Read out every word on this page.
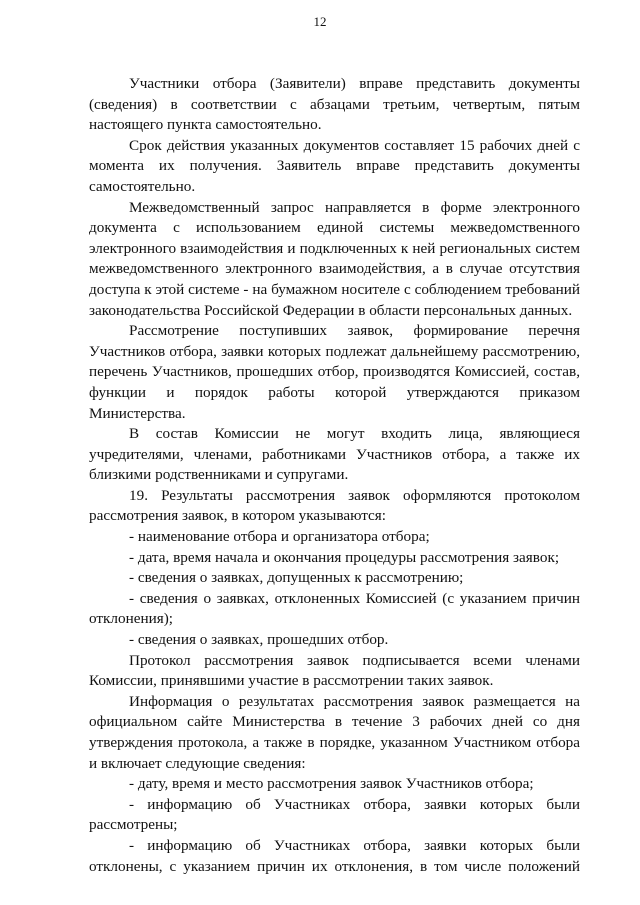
12

Участники отбора (Заявители) вправе представить документы (сведения) в соответствии с абзацами третьим, четвертым, пятым настоящего пункта самостоятельно.

Срок действия указанных документов составляет 15 рабочих дней с момента их получения. Заявитель вправе представить документы самостоятельно.

Межведомственный запрос направляется в форме электронного документа с использованием единой системы межведомственного электронного взаимодействия и подключенных к ней региональных систем межведомственного электронного взаимодействия, а в случае отсутствия доступа к этой системе - на бумажном носителе с соблюдением требований законодательства Российской Федерации в области персональных данных.

Рассмотрение поступивших заявок, формирование перечня Участников отбора, заявки которых подлежат дальнейшему рассмотрению, перечень Участников, прошедших отбор, производятся Комиссией, состав, функции и порядок работы которой утверждаются приказом Министерства.

В состав Комиссии не могут входить лица, являющиеся учредителями, членами, работниками Участников отбора, а также их близкими родственниками и супругами.

19. Результаты рассмотрения заявок оформляются протоколом рассмотрения заявок, в котором указываются:

- наименование отбора и организатора отбора;

- дата, время начала и окончания процедуры рассмотрения заявок;

- сведения о заявках, допущенных к рассмотрению;

- сведения о заявках, отклоненных Комиссией (с указанием причин отклонения);

- сведения о заявках, прошедших отбор.

Протокол рассмотрения заявок подписывается всеми членами Комиссии, принявшими участие в рассмотрении таких заявок.

Информация о результатах рассмотрения заявок размещается на официальном сайте Министерства в течение 3 рабочих дней со дня утверждения протокола, а также в порядке, указанном Участником отбора и включает следующие сведения:

- дату, время и место рассмотрения заявок Участников отбора;

- информацию об Участниках отбора, заявки которых были рассмотрены;

- информацию об Участниках отбора, заявки которых были отклонены, с указанием причин их отклонения, в том числе положений
